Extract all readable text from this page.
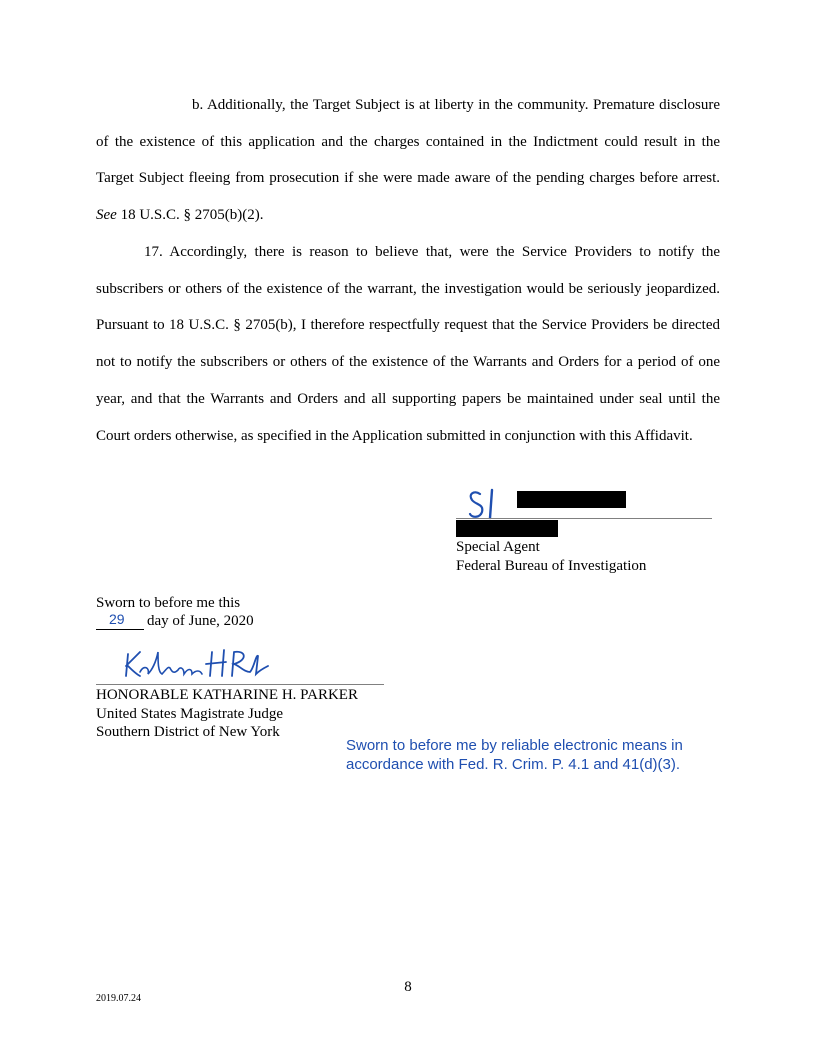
b. Additionally, the Target Subject is at liberty in the community. Premature disclosure of the existence of this application and the charges contained in the Indictment could result in the Target Subject fleeing from prosecution if she were made aware of the pending charges before arrest. See 18 U.S.C. § 2705(b)(2).

17. Accordingly, there is reason to believe that, were the Service Providers to notify the subscribers or others of the existence of the warrant, the investigation would be seriously jeopardized. Pursuant to 18 U.S.C. § 2705(b), I therefore respectfully request that the Service Providers be directed not to notify the subscribers or others of the existence of the Warrants and Orders for a period of one year, and that the Warrants and Orders and all supporting papers be maintained under seal until the Court orders otherwise, as specified in the Application submitted in conjunction with this Affidavit.

Special Agent
Federal Bureau of Investigation
Sworn to before me this
29 day of June, 2020
HONORABLE KATHARINE H. PARKER
United States Magistrate Judge
Southern District of New York
Sworn to before me by reliable electronic means in
accordance with Fed. R. Crim. P. 4.1 and 41(d)(3).
8
2019.07.24
